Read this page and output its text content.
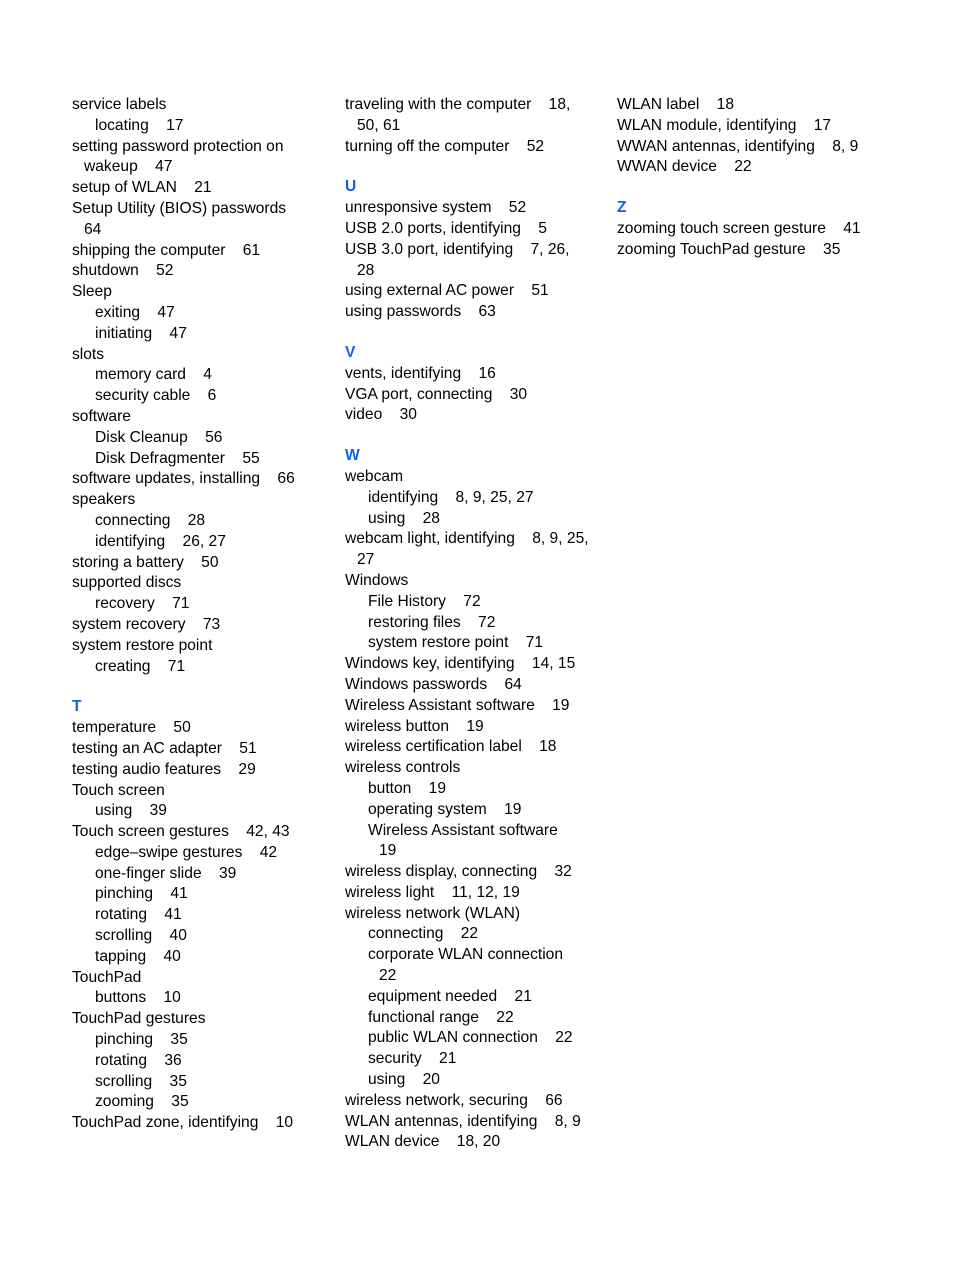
service labels
locating    17
setting password protection on
wakeup    47
setup of WLAN    21
Setup Utility (BIOS) passwords
64
shipping the computer    61
shutdown    52
Sleep
exiting    47
initiating    47
slots
memory card    4
security cable    6
software
Disk Cleanup    56
Disk Defragmenter    55
software updates, installing    66
speakers
connecting    28
identifying    26, 27
storing a battery    50
supported discs
recovery    71
system recovery    73
system restore point
creating    71
T
temperature    50
testing an AC adapter    51
testing audio features    29
Touch screen
using    39
Touch screen gestures    42, 43
edge–swipe gestures    42
one-finger slide    39
pinching    41
rotating    41
scrolling    40
tapping    40
TouchPad
buttons    10
TouchPad gestures
pinching    35
rotating    36
scrolling    35
zooming    35
TouchPad zone, identifying    10
traveling with the computer    18,
50, 61
turning off the computer    52
U
unresponsive system    52
USB 2.0 ports, identifying    5
USB 3.0 port, identifying    7, 26,
28
using external AC power    51
using passwords    63
V
vents, identifying    16
VGA port, connecting    30
video    30
W
webcam
identifying    8, 9, 25, 27
using    28
webcam light, identifying    8, 9, 25,
27
Windows
File History    72
restoring files    72
system restore point    71
Windows key, identifying    14, 15
Windows passwords    64
Wireless Assistant software    19
wireless button    19
wireless certification label    18
wireless controls
button    19
operating system    19
Wireless Assistant software
19
wireless display, connecting    32
wireless light    11, 12, 19
wireless network (WLAN)
connecting    22
corporate WLAN connection
22
equipment needed    21
functional range    22
public WLAN connection    22
security    21
using    20
wireless network, securing    66
WLAN antennas, identifying    8, 9
WLAN device    18, 20
WLAN label    18
WLAN module, identifying    17
WWAN antennas, identifying    8, 9
WWAN device    22
Z
zooming touch screen gesture    41
zooming TouchPad gesture    35
